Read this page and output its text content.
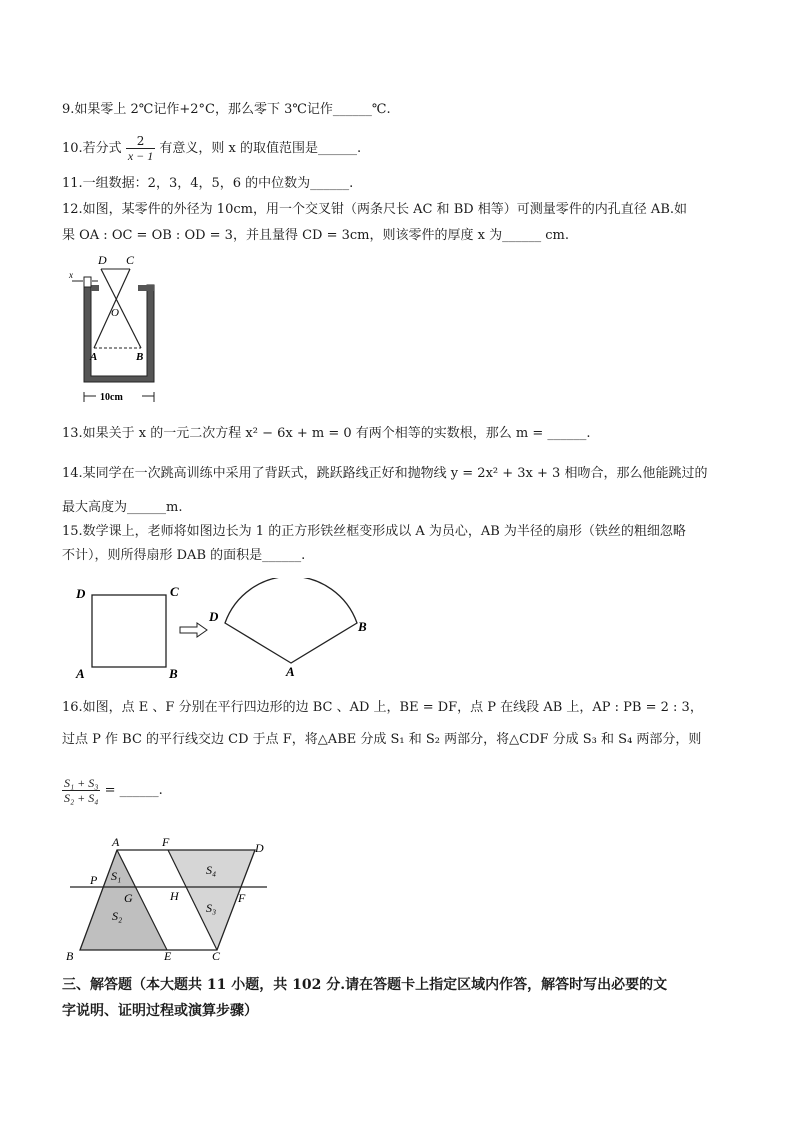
9.如果零上 2℃记作+2°C，那么零下 3℃记作______℃.
10.若分式 $\frac{2}{x - 1}$ 有意义，则 x 的取值范围是______.
11.一组数据：2，3，4，5，6 的中位数为______.
12.如图，某零件的外径为 10cm，用一个交叉钳（两条尺长 AC 和 BD 相等）可测量零件的内孔直径 AB.如
果 OA : OC = OB : OD = 3，并且量得 CD = 3cm，则该零件的厚度 x 为______ cm.
D C
O
A	B
x
10cm
13.如果关于 x 的一元二次方程 x² − 6x + m = 0 有两个相等的实数根，那么 m = ______.
14.某同学在一次跳高训练中采用了背跃式，跳跃路线正好和抛物线 y = 2x² + 3x + 3 相吻合，那么他能跳过的
最大高度为______m.
15.数学课上，老师将如图边长为 1 的正方形铁丝框变形成以 A 为员心，AB 为半径的扇形（铁丝的粗细忽略
不计），则所得扇形 DAB 的面积是______.
D	C
A	B
D
A
B
16.如图，点 E 、F 分别在平行四边形的边 BC 、AD 上，BE = DF，点 P 在线段 AB 上，AP : PB = 2 : 3，
过点 P 作 BC 的平行线交边 CD 于点 F，将△ABE 分成 S₁ 和 S₂ 两部分，将△CDF 分成 S₃ 和 S₄ 两部分，则
$\frac{\text{S₁ + S₃}}{\text{S₂ + S₄}}$ = ______.
A	F	D
P S₁	S₄
G	H	F
S₃
S₂
B	E	C
三、解答题（本大题共 11 小题，共 102 分.请在答题卡上指定区域内作答，解答时写出必要的文
字说明、证明过程或演算步骤）
